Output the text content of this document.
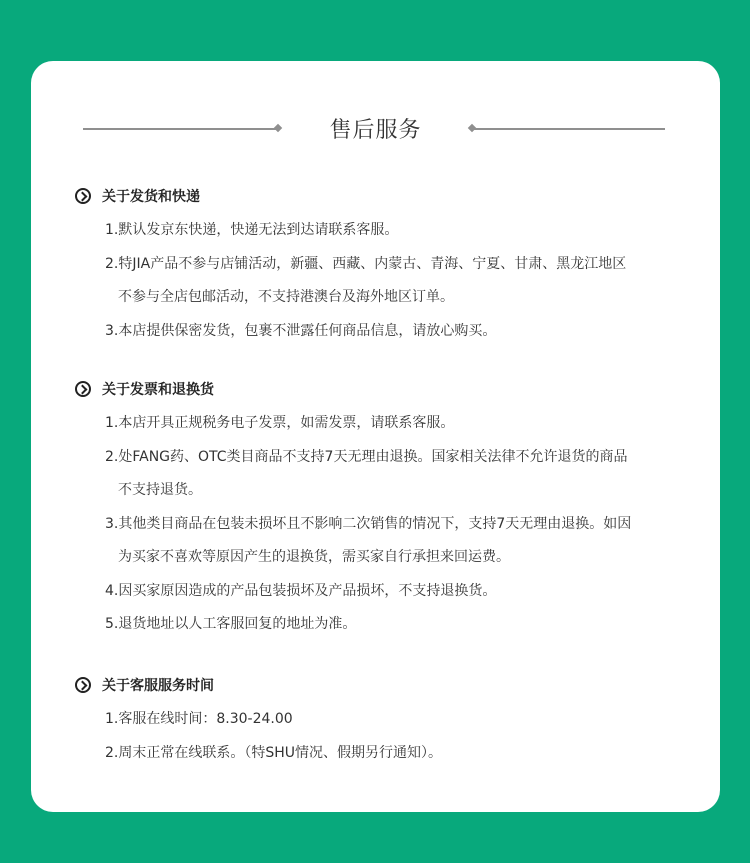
售后服务
关于发货和快递
1.默认发京东快递，快递无法到达请联系客服。
2.特JIA产品不参与店铺活动，新疆、西藏、内蒙古、青海、宁夏、甘肃、黑龙江地区
不参与全店包邮活动，不支持港澳台及海外地区订单。
3.本店提供保密发货，包裹不泄露任何商品信息，请放心购买。
关于发票和退换货
1.本店开具正规税务电子发票，如需发票，请联系客服。
2.处FANG药、OTC类目商品不支持7天无理由退换。国家相关法律不允许退货的商品
不支持退货。
3.其他类目商品在包装未损坏且不影响二次销售的情况下，支持7天无理由退换。如因
为买家不喜欢等原因产生的退换货，需买家自行承担来回运费。
4.因买家原因造成的产品包装损坏及产品损坏，不支持退换货。
5.退货地址以人工客服回复的地址为准。
关于客服服务时间
1.客服在线时间：8.30-24.00
2.周末正常在线联系。（特SHU情况、假期另行通知）。
